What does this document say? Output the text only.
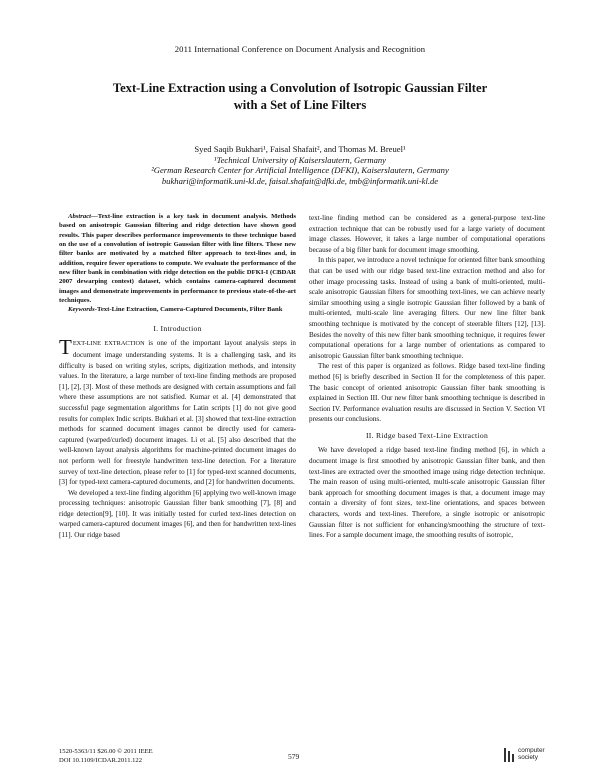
2011 International Conference on Document Analysis and Recognition
Text-Line Extraction using a Convolution of Isotropic Gaussian Filter
with a Set of Line Filters
Syed Saqib Bukhari¹, Faisal Shafait², and Thomas M. Breuel¹
¹Technical University of Kaiserslautern, Germany
²German Research Center for Artificial Intelligence (DFKI), Kaiserslautern, Germany
bukhari@informatik.uni-kl.de, faisal.shafait@dfki.de, tmb@informatik.uni-kl.de

Abstract—Text-line extraction is a key task in document analysis. Methods based on anisotropic Gaussian filtering and ridge detection have shown good results. This paper describes performance improvements to these technique based on the use of a convolution of isotropic Gaussian filter with line filters. These new filter banks are motivated by a matched filter approach to text-lines and, in addition, require fewer operations to compute. We evaluate the performance of the new filter bank in combination with ridge detection on the public DFKI-I (CBDAR 2007 dewarping contest) dataset, which contains camera-captured document images and demonstrate improvements in performance to previous state-of-the-art techniques.

Keywords-Text-Line Extraction, Camera-Captured Documents, Filter Bank

I. Introduction

TEXT-LINE EXTRACTION is one of the important layout analysis steps in document image understanding systems. It is a challenging task, and its difficulty is based on writing styles, scripts, digitization methods, and intensity values. In the literature, a large number of text-line finding methods are proposed [1], [2], [3]. Most of these methods are designed with certain assumptions and fail where these assumptions are not satisfied. Kumar et al. [4] demonstrated that successful page segmentation algorithms for Latin scripts [1] do not give good results for complex Indic scripts. Bukhari et al. [3] showed that text-line extraction methods for scanned document images cannot be directly used for camera-captured (warped/curled) document images. Li et al. [5] also described that the well-known layout analysis algorithms for machine-printed document images do not perform well for freestyle handwritten text-line detection. For a literature survey of text-line detection, please refer to [1] for typed-text scanned documents, [3] for typed-text camera-captured documents, and [2] for handwritten documents.

We developed a text-line finding algorithm [6] applying two well-known image processing techniques: anisotropic Gaussian filter bank smoothing [7], [8] and ridge detection[9], [10]. It was initially tested for curled text-lines detection on warped camera-captured document images [6], and then for handwritten text-lines [11]. Our ridge based

text-line finding method can be considered as a general-purpose text-line extraction technique that can be robustly used for a large variety of document image classes. However, it takes a large number of computational operations because of a big filter bank for document image smoothing.

In this paper, we introduce a novel technique for oriented filter bank smoothing that can be used with our ridge based text-line extraction method and also for other image processing tasks. Instead of using a bank of multi-oriented, multi-scale anisotropic Gaussian filters for smoothing text-lines, we can achieve nearly similar smoothing using a single isotropic Gaussian filter followed by a bank of multi-oriented, multi-scale line averaging filters. Our new line filter bank smoothing technique is motivated by the concept of steerable filters [12], [13]. Besides the novelty of this new filter bank smoothing technique, it requires fewer computational operations for a large number of orientations as compared to anisotropic Gaussian filter bank smoothing technique.

The rest of this paper is organized as follows. Ridge based text-line finding method [6] is briefly described in Section II for the completeness of this paper. The basic concept of oriented anisotropic Gaussian filter bank smoothing is explained in Section III. Our new filter bank smoothing technique is described in Section IV. Performance evaluation results are discussed in Section V. Section VI presents our conclusions.

II. Ridge based Text-Line Extraction

We have developed a ridge based text-line finding method [6], in which a document image is first smoothed by anisotropic Gaussian filter bank, and then text-lines are extracted over the smoothed image using ridge detection technique. The main reason of using multi-oriented, multi-scale anisotropic Gaussian filter bank approach for smoothing document images is that, a document image may contain a diversity of font sizes, text-line orientations, and spaces between characters, words and text-lines. Therefore, a single isotropic or anisotropic Gaussian filter is not sufficient for enhancing/smoothing the structure of text-lines. For a sample document image, the smoothing results of isotropic,

1520-5363/11 $26.00 © 2011 IEEE
DOI 10.1109/ICDAR.2011.122	579
computer
society
